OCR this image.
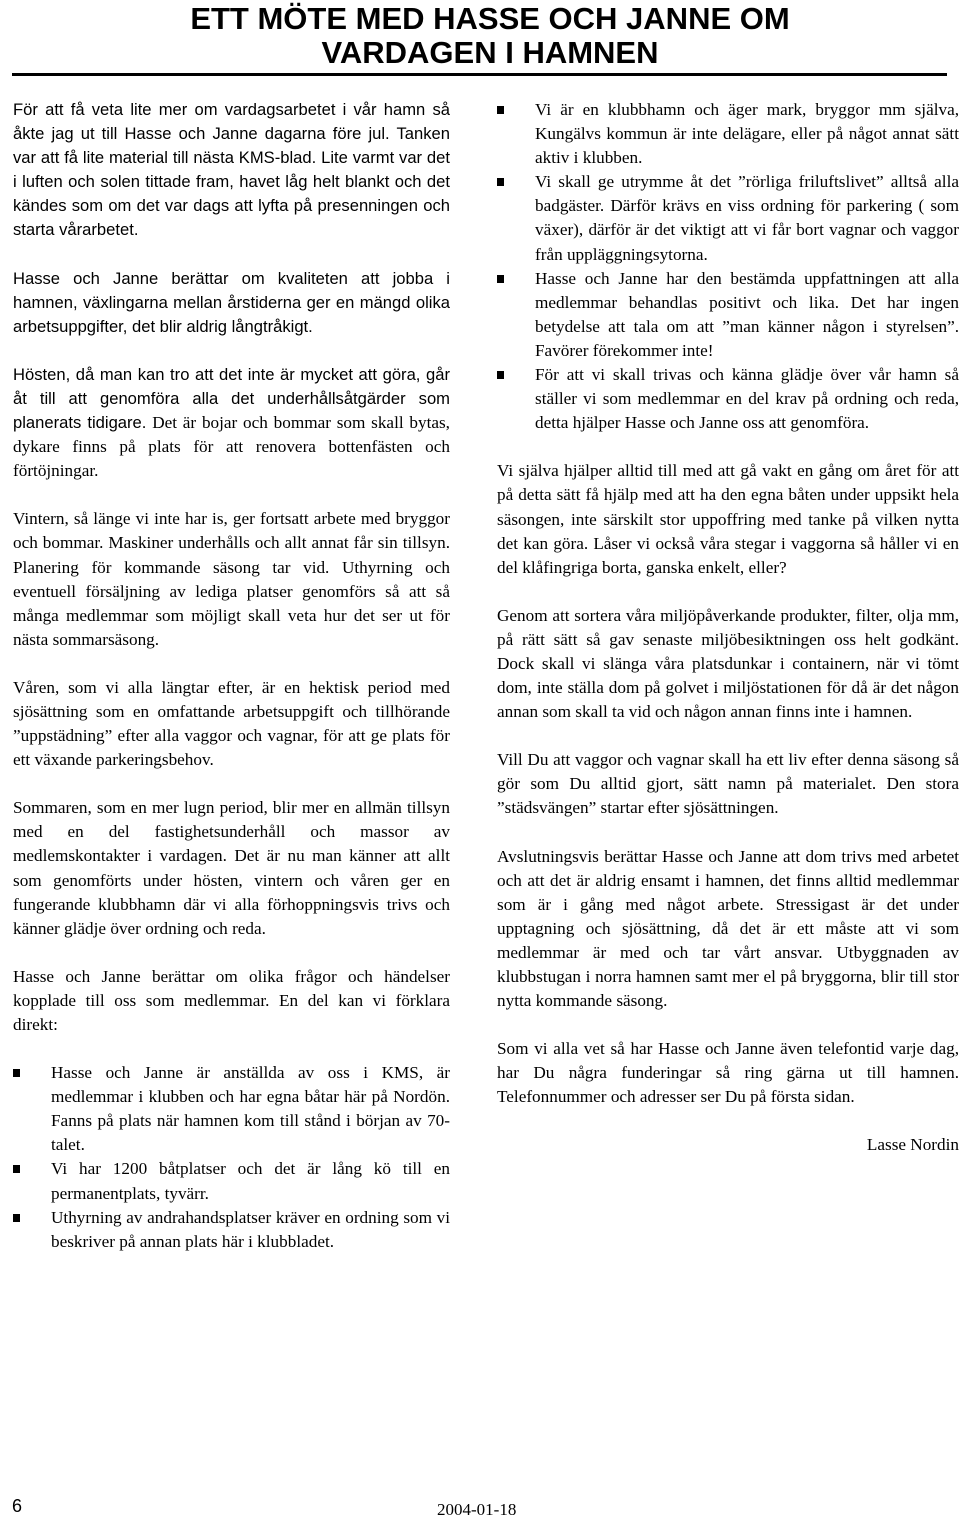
ETT MÖTE MED HASSE OCH JANNE OM
VARDAGEN I HAMNEN

För att få veta lite mer om vardagsarbetet i vår hamn så åkte jag ut till Hasse och Janne dagarna före jul. Tanken var att få lite material till nästa KMS-blad. Lite varmt var det i luften och solen tittade fram, havet låg helt blankt och det kändes som om det var dags att lyfta på presenningen och starta vårarbetet.

Hasse och Janne berättar om kvaliteten att jobba i hamnen, växlingarna mellan årstiderna ger en mängd olika arbetsuppgifter, det blir aldrig långtråkigt.

Hösten, då man kan tro att det inte är mycket att göra, går åt till att genomföra alla det underhållsåtgärder som planerats tidigare. Det är bojar och bommar som skall bytas, dykare finns på plats för att renovera bottenfästen och förtöjningar.

Vintern, så länge vi inte har is, ger fortsatt arbete med bryggor och bommar. Maskiner underhålls och allt annat får sin tillsyn. Planering för kommande säsong tar vid. Uthyrning och eventuell försäljning av lediga platser genomförs så att så många medlemmar som möjligt skall veta hur det ser ut för nästa sommarsäsong.

Våren, som vi alla längtar efter, är en hektisk period med sjösättning som en omfattande arbetsuppgift och tillhörande ”uppstädning” efter alla vaggor och vagnar, för att ge plats för ett växande parkeringsbehov.

Sommaren, som en mer lugn period, blir mer en allmän tillsyn med en del fastighetsunderhåll och massor av medlemskontakter i vardagen. Det är nu man känner att allt som genomförts under hösten, vintern och våren ger en fungerande klubbhamn där vi alla förhoppningsvis trivs och känner glädje över ordning och reda.

Hasse och Janne berättar om olika frågor och händelser kopplade till oss som medlemmar. En del kan vi förklara direkt:

Hasse och Janne är anställda av oss i KMS, är medlemmar i klubben och har egna båtar här på Nordön. Fanns på plats när hamnen kom till stånd i början av 70-talet.
Vi har 1200 båtplatser och det är lång kö till en permanentplats, tyvärr.
Uthyrning av andrahandsplatser kräver en ordning som vi beskriver på annan plats här i klubbladet.
Vi är en klubbhamn och äger mark, bryggor mm själva, Kungälvs kommun är inte delägare, eller på något annat sätt aktiv i klubben.
Vi skall ge utrymme åt det ”rörliga friluftslivet” alltså alla badgäster. Därför krävs en viss ordning för parkering ( som växer), därför är det viktigt att vi får bort vagnar och vaggor från uppläggningsytorna.
Hasse och Janne har den bestämda uppfattningen att alla medlemmar behandlas positivt och lika. Det har ingen betydelse att tala om att ”man känner någon i styrelsen”. Favörer förekommer inte!
För att vi skall trivas och känna glädje över vår hamn så ställer vi som medlemmar en del krav på ordning och reda, detta hjälper Hasse och Janne oss att genomföra.

Vi själva hjälper alltid till med att gå vakt en gång om året för att på detta sätt få hjälp med att ha den egna båten under uppsikt hela säsongen, inte särskilt stor uppoffring med tanke på vilken nytta det kan göra. Låser vi också våra stegar i vaggorna så håller vi en del klåfingriga borta, ganska enkelt, eller?

Genom att sortera våra miljöpåverkande produkter, filter, olja mm, på rätt sätt så gav senaste miljöbesiktningen oss helt godkänt. Dock skall vi slänga våra platsdunkar i containern, när vi tömt dom, inte ställa dom på golvet i miljöstationen för då är det någon annan som skall ta vid och någon annan finns inte i hamnen.

Vill Du att vaggor och vagnar skall ha ett liv efter denna säsong så gör som Du alltid gjort, sätt namn på materialet. Den stora ”städsvängen” startar efter sjösättningen.

Avslutningsvis berättar Hasse och Janne att dom trivs med arbetet och att det är aldrig ensamt i hamnen, det finns alltid medlemmar som är i gång med något arbete. Stressigast är det under upptagning och sjösättning, då det är ett måste att vi som medlemmar är med och tar vårt ansvar. Utbyggnaden av klubbstugan i norra hamnen samt mer el på bryggorna, blir till stor nytta kommande säsong.

Som vi alla vet så har Hasse och Janne även telefontid varje dag, har Du några funderingar så ring gärna ut till hamnen. Telefonnummer och adresser ser Du på första sidan.

Lasse Nordin

6	2004-01-18
